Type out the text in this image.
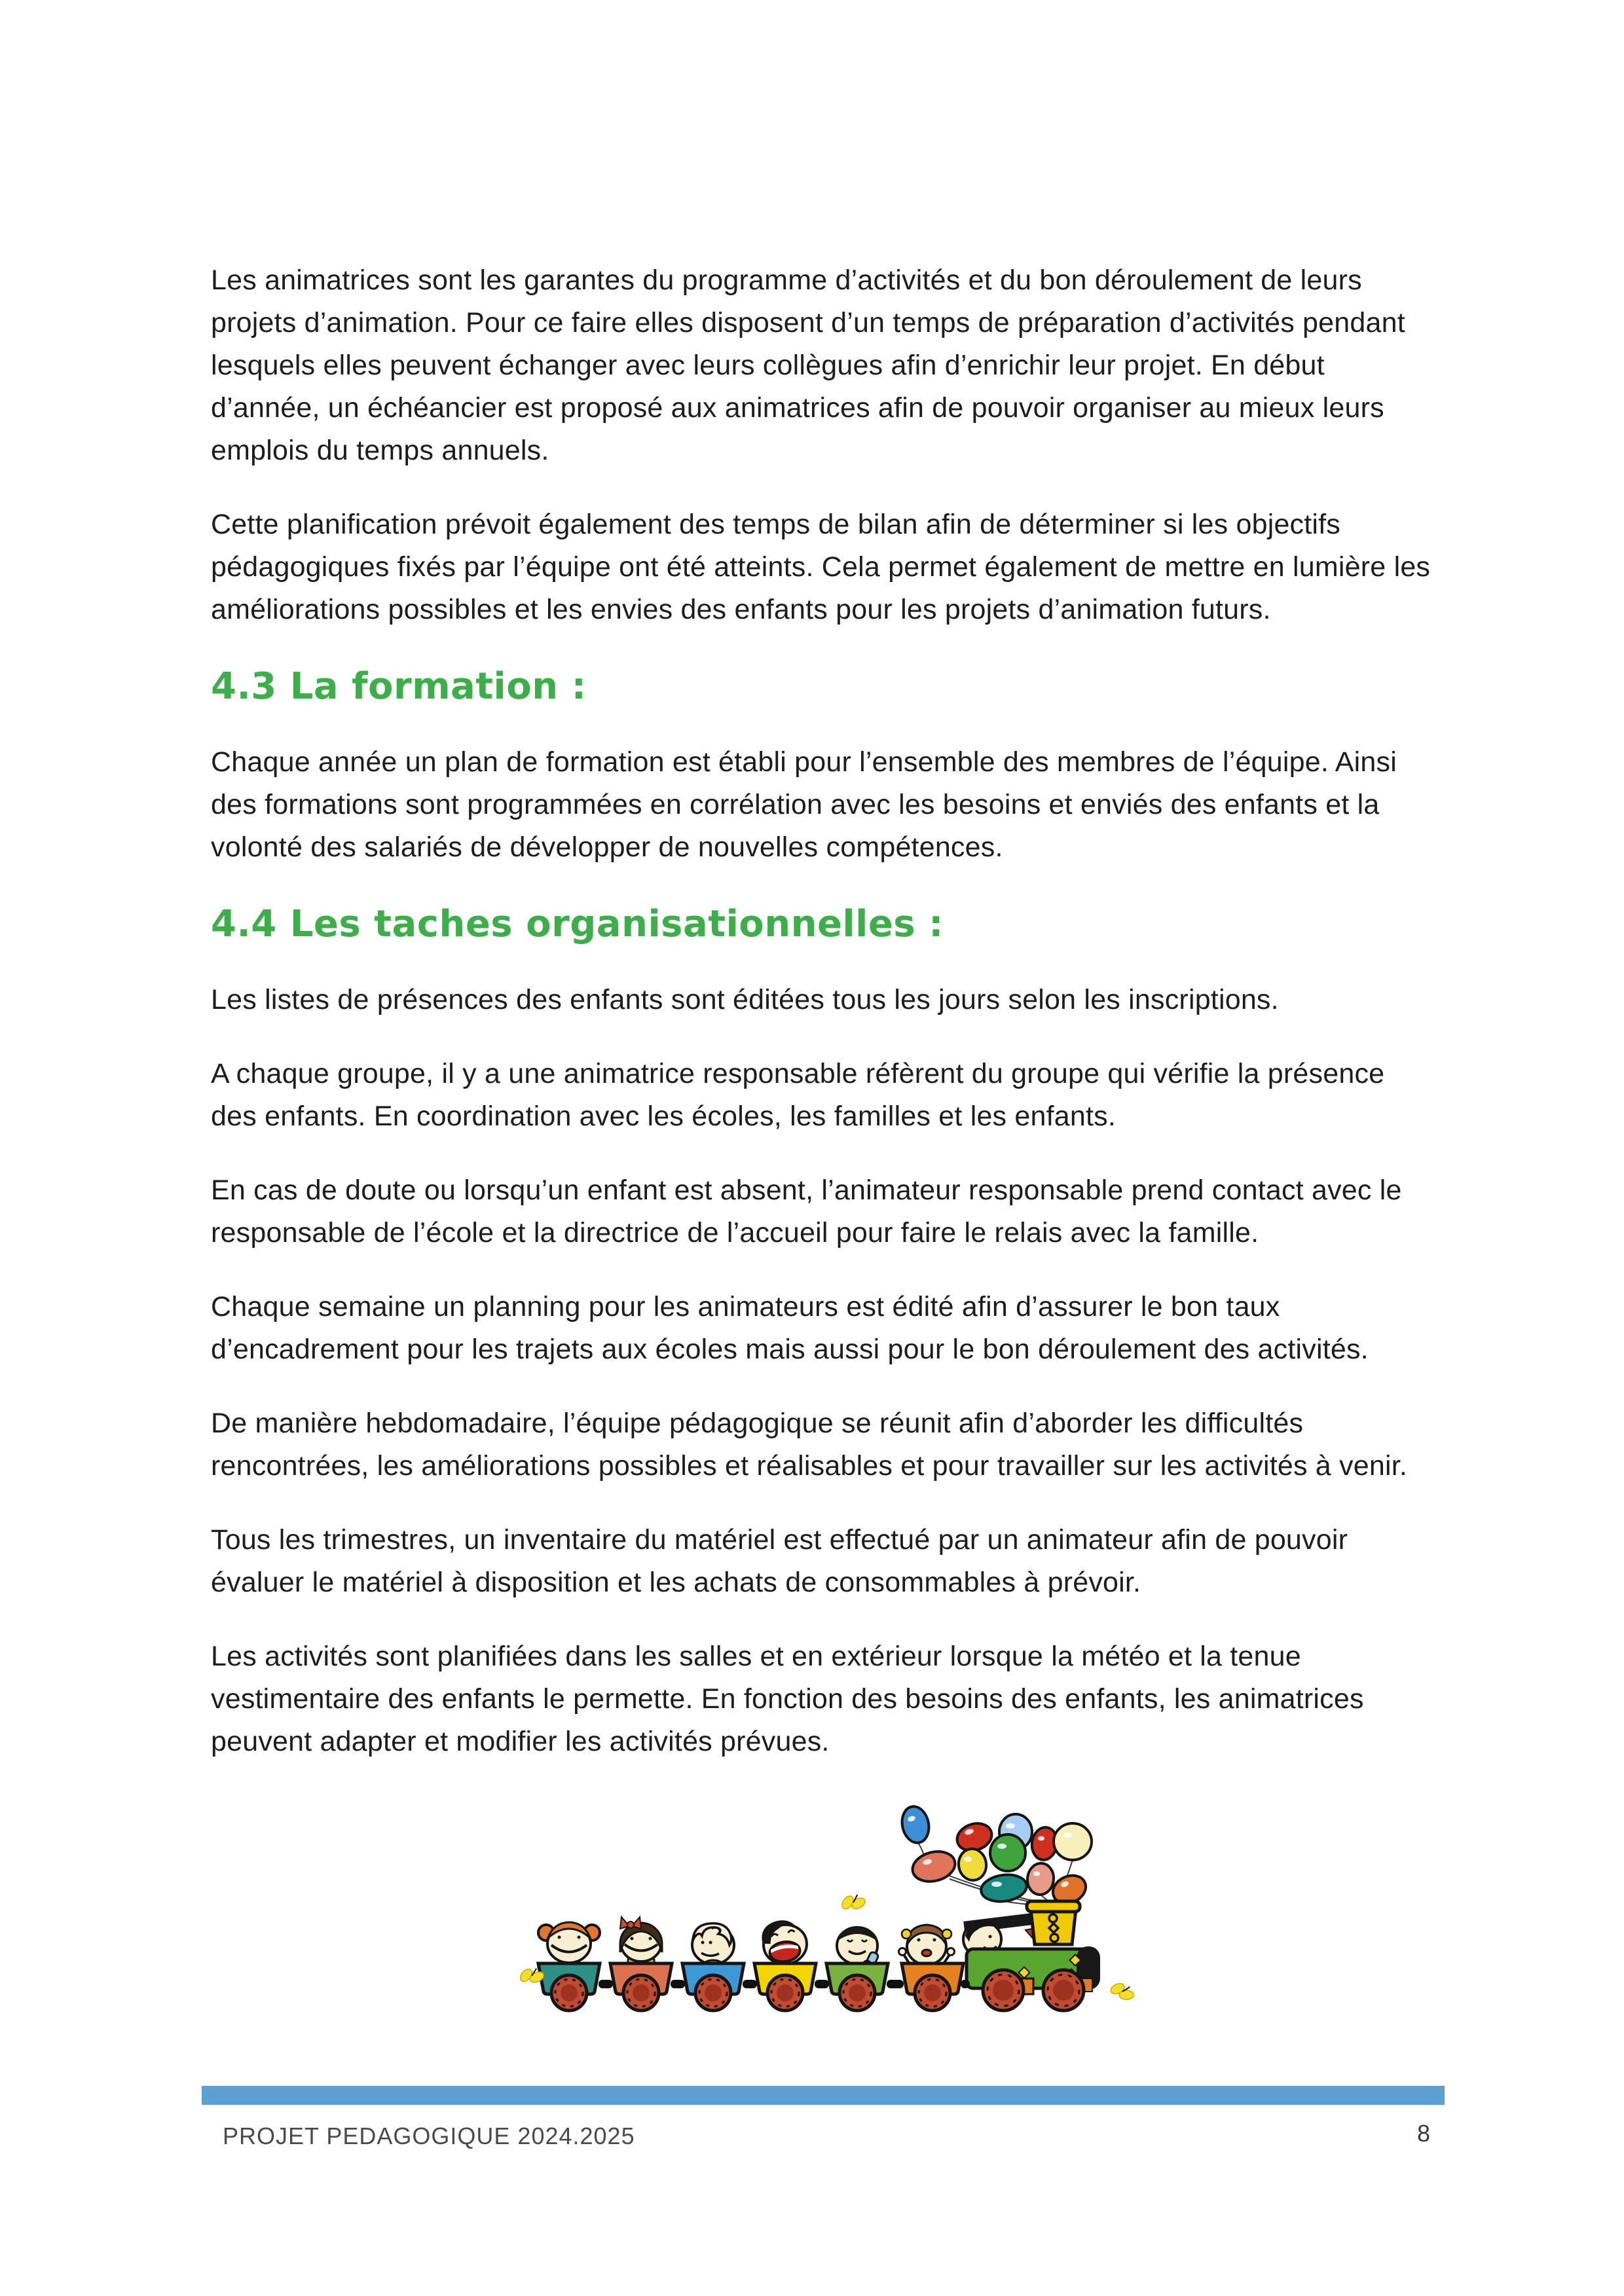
Les animatrices sont les garantes du programme d’activités et du bon déroulement de leurs projets d’animation. Pour ce faire elles disposent d’un temps de préparation d’activités pendant lesquels elles peuvent échanger avec leurs collègues afin d’enrichir leur projet. En début d’année, un échéancier est proposé aux animatrices afin de pouvoir organiser au mieux leurs emplois du temps annuels.

Cette planification prévoit également des temps de bilan afin de déterminer si les objectifs pédagogiques fixés par l’équipe ont été atteints. Cela permet également de mettre en lumière les améliorations possibles et les envies des enfants pour les projets d’animation futurs.

4.3 La formation :

Chaque année un plan de formation est établi pour l’ensemble des membres de l’équipe. Ainsi des formations sont programmées en corrélation avec les besoins et enviés des enfants et la volonté des salariés de développer de nouvelles compétences.

4.4 Les taches organisationnelles :

Les listes de présences des enfants sont éditées tous les jours selon les inscriptions.

A chaque groupe, il y a une animatrice responsable réfèrent du groupe qui vérifie la présence des enfants. En coordination avec les écoles, les familles et les enfants.

En cas de doute ou lorsqu’un enfant est absent, l’animateur responsable prend contact avec le responsable de l’école et la directrice de l’accueil pour faire le relais avec la famille.

Chaque semaine un planning pour les animateurs est édité afin d’assurer le bon taux d’encadrement pour les trajets aux écoles mais aussi pour le bon déroulement des activités.

De manière hebdomadaire, l’équipe pédagogique se réunit afin d’aborder les difficultés rencontrées, les améliorations possibles et réalisables et pour travailler sur les activités à venir.

Tous les trimestres, un inventaire du matériel est effectué par un animateur afin de pouvoir évaluer le matériel à disposition et les achats de consommables à prévoir.

Les activités sont planifiées dans les salles et en extérieur lorsque la météo et la tenue vestimentaire des enfants le permette. En fonction des besoins des enfants, les animatrices peuvent adapter et modifier les activités prévues.

PROJET PEDAGOGIQUE 2024.2025	8
